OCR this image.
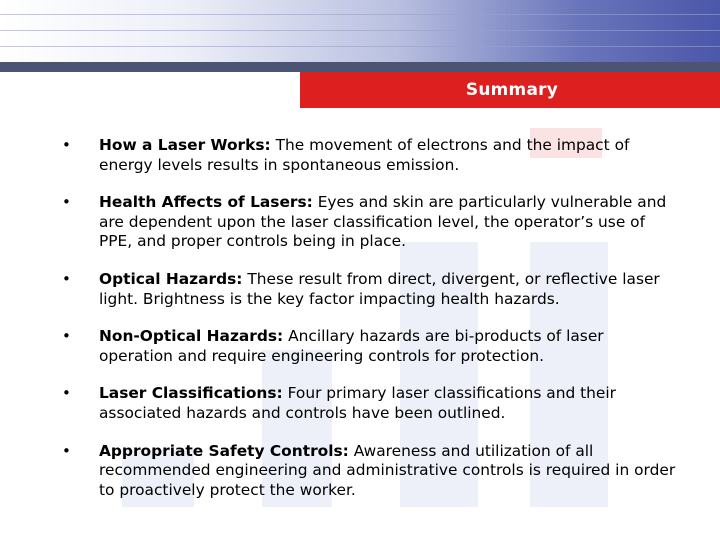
Summary
•	How a Laser Works: The movement of electrons and the impact of energy levels results in spontaneous emission.
•	Health Affects of Lasers: Eyes and skin are particularly vulnerable and are dependent upon the laser classification level, the operator’s use of PPE, and proper controls being in place.
•	Optical Hazards: These result from direct, divergent, or reflective laser light. Brightness is the key factor impacting health hazards.
•	Non-Optical Hazards: Ancillary hazards are bi-products of laser operation and require engineering controls for protection.
•	Laser Classifications: Four primary laser classifications and their associated hazards and controls have been outlined.
•	Appropriate Safety Controls: Awareness and utilization of all recommended engineering and administrative controls is required in order to proactively protect the worker.
